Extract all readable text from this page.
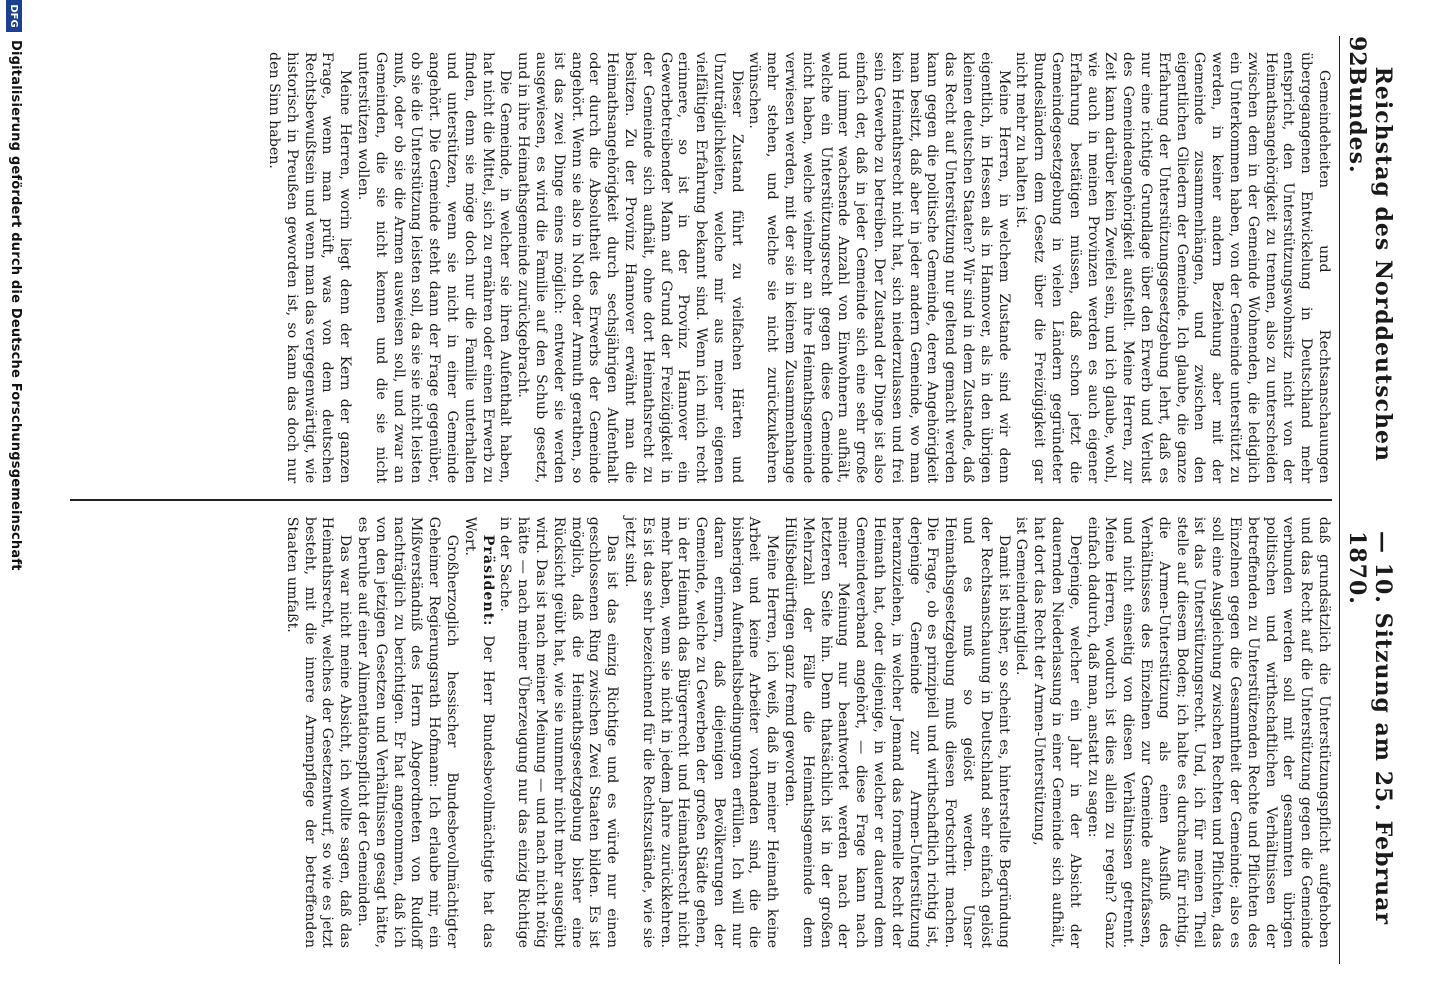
92
Reichstag des Norddeutschen Bundes.
— 10. Sitzung am 25. Februar 1870.

Gemeindeheiten und Rechtsanschauungen übergegangenen Entwickelung in Deutschland mehr entspricht, den Unterstützungswohnsitz nicht von der Heimathsangehörigkeit zu trennen, also zu unterscheiden zwischen dem in der Gemeinde Wohnenden, die lediglich ein Unterkommen haben, von der Gemeinde unterstützt zu werden, in keiner andern Beziehung aber mit der Gemeinde zusammenhängen, und zwischen den eigentlichen Gliedern der Gemeinde. Ich glaube, die ganze Erfahrung der Unterstützungsgesetzgebung lehrt, daß es nur eine richtige Grundlage über den Erwerb und Verlust des Gemeindeangehörigkeit aufstellt. Meine Herren, zur Zeit kann darüber kein Zweifel sein, und ich glaube, wohl, wie auch in meinen Provinzen werden es auch eigener Erfahrung bestätigen müssen, daß schon jetzt die Gemeindegesetzgebung in vielen Ländern gegründeter Bundesländern dem Gesetz über die Freizügigkeit gar nicht mehr zu halten ist.

Meine Herren, in welchem Zustande sind wir denn eigentlich, in Hessen als in Hannover, als in den übrigen kleinen deutschen Staaten? Wir sind in dem Zustande, daß das Recht auf Unterstützung nur geltend gemacht werden kann gegen die politische Gemeinde, deren Angehörigkeit man besitzt, daß aber in jeder andern Gemeinde, wo man kein Heimathsrecht nicht hat, sich niederzulassen und frei sein Gewerbe zu betreiben. Der Zustand der Dinge ist also einfach der, daß in jeder Gemeinde sich eine sehr große und immer wachsende Anzahl von Einwohnern aufhält, welche ein Unterstützungsrecht gegen diese Gemeinde nicht haben, welche vielmehr an ihre Heimathsgemeinde verwiesen werden, mit der sie in keinem Zusammenhange mehr stehen, und welche sie nicht zurückzukehren wünschen.

Dieser Zustand führt zu vielfachen Härten und Unzuträglichkeiten, welche mir aus meiner eigenen vielfältigen Erfahrung bekannt sind. Wenn ich mich recht erinnere, so ist in der Provinz Hannover ein Gewerbetreibender Mann auf Grund der Freizügigkeit in der Gemeinde sich aufhält, ohne dort Heimathsrecht zu besitzen. Zu der Provinz Hannover erwähnt man die Heimathsangehörigkeit durch sechsjährigen Aufenthalt oder durch die Absolutheit des Erwerbs der Gemeinde angehört. Wenn sie also in Noth oder Armuth gerathen, so ist das zwei Dinge eines möglich: entweder sie werden ausgewiesen, es wird die Familie auf den Schub gesetzt, und in ihre Heimathsgemeinde zurückgebracht.

Die Gemeinde, in welcher sie ihren Aufenthalt haben, hat nicht die Mittel, sich zu ernähren oder einen Erwerb zu finden, denn sie möge doch nur die Familie unterhalten und unterstützen, wenn sie nicht in einer Gemeinde angehört. Die Gemeinde steht dann der Frage gegenüber, ob sie die Unterstützung leisten soll, da sie sie nicht leisten muß, oder ob sie die Armen ausweisen soll, und zwar an Gemeinden, die sie nicht kennen und die sie nicht unterstützen wollen.

Meine Herren, worin liegt denn der Kern der ganzen Frage, wenn man prüft, was von dem deutschen Rechtsbewußtsein und wenn man das vergegenwärtigt, wie historisch in Preußen geworden ist, so kann das doch nur den Sinn haben.

daß grundsätzlich die Unterstützungspflicht aufgehoben und das Recht auf die Unterstützung gegen die Gemeinde verbunden werden soll mit der gesammten übrigen politischen und wirthschaftlichen Verhältnissen der betreffenden zu Unterstützenden Rechte und Pflichten des Einzelnen gegen die Gesammtheit der Gemeinde; also es soll eine Ausgleichung zwischen Rechten und Pflichten, das ist das Unterstützungsrecht. Und, ich für meinen Theil stelle auf diesem Boden; ich halte es durchaus für richtig, die Armen-Unterstützung als einen Ausfluß des Verhältnisses des Einzelnen zur Gemeinde aufzufassen, und nicht einseitig von diesen Verhältnissen getrennt. Meine Herren, wodurch ist dies allein zu regeln? Ganz einfach dadurch, daß man, anstatt zu sagen:

Derjenige, welcher ein Jahr in der Absicht der dauernden Niederlassung in einer Gemeinde sich aufhält, hat dort das Recht der Armen-Unterstützung,

ist Gemeindemitglied.

Damit ist bisher, so scheint es, hinterstellte Begründung der Rechtsanschauung in Deutschland sehr einfach gelöst und es muß so gelöst werden. Unser Heimathsgesetzgebung muß diesen Fortschritt machen. Die Frage, ob es prinzipiell und wirthschaftlich richtig ist, derjenige Gemeinde zur Armen-Unterstützung heranzuziehen, in welcher Jemand das formelle Recht der Heimath hat, oder diejenige, in welcher er dauernd dem Gemeindeverband angehört, — diese Frage kann nach meiner Meinung nur beantwortet werden nach der letzteren Seite hin. Denn thatsächlich ist in der großen Mehrzahl der Fälle die Heimathsgemeinde dem Hülfsbedürftigen ganz fremd geworden.

Meine Herren, ich weiß, daß in meiner Heimath keine Arbeit und keine Arbeiter vorhanden sind, die die bisherigen Aufenthaltsbedingungen erfüllen. Ich will nur daran erinnern, daß diejenigen Bevölkerungen der Gemeinde, welche zu Gewerben der großen Städte gehen, in der Heimath das Bürgerrecht und Heimathsrecht nicht mehr haben, wenn sie nicht in jedem Jahre zurückkehren. Es ist das sehr bezeichnend für die Rechtszustände, wie sie jetzt sind.

Das ist das einzig Richtige und es würde nur einen geschlossenen Ring zwischen Zwei Staaten bilden. Es ist möglich, daß die Heimathsgesetzgebung bisher eine Rücksicht geübt hat, wie sie nunmehr nicht mehr ausgeübt wird. Das ist nach meiner Meinung — und nach nicht nötig hätte — nach meiner Überzeugung nur das einzig Richtige in der Sache.

Präsident: Der Herr Bundesbevollmächtigte hat das Wort.

Großherzoglich hessischer Bundesbevollmächtigter Geheimer Regierungsrath Hofmann: Ich erlaube mir, ein Mißverständniß des Herrn Abgeordneten von Rudloff nachträglich zu berichtigen. Er hat angenommen, daß ich von den jetzigen Gesetzen und Verhältnissen gesagt hätte, es beruhe auf einer Alimentationspflicht der Gemeinden.

Das war nicht meine Absicht, ich wollte sagen, daß das Heimathsrecht, welches der Gesetzentwurf, so wie es jetzt besteht, mit die innere Armenpflege der betreffenden Staaten umfaßt.

DFG
Digitalisierung gefördert durch die Deutsche Forschungsgemeinschaft
